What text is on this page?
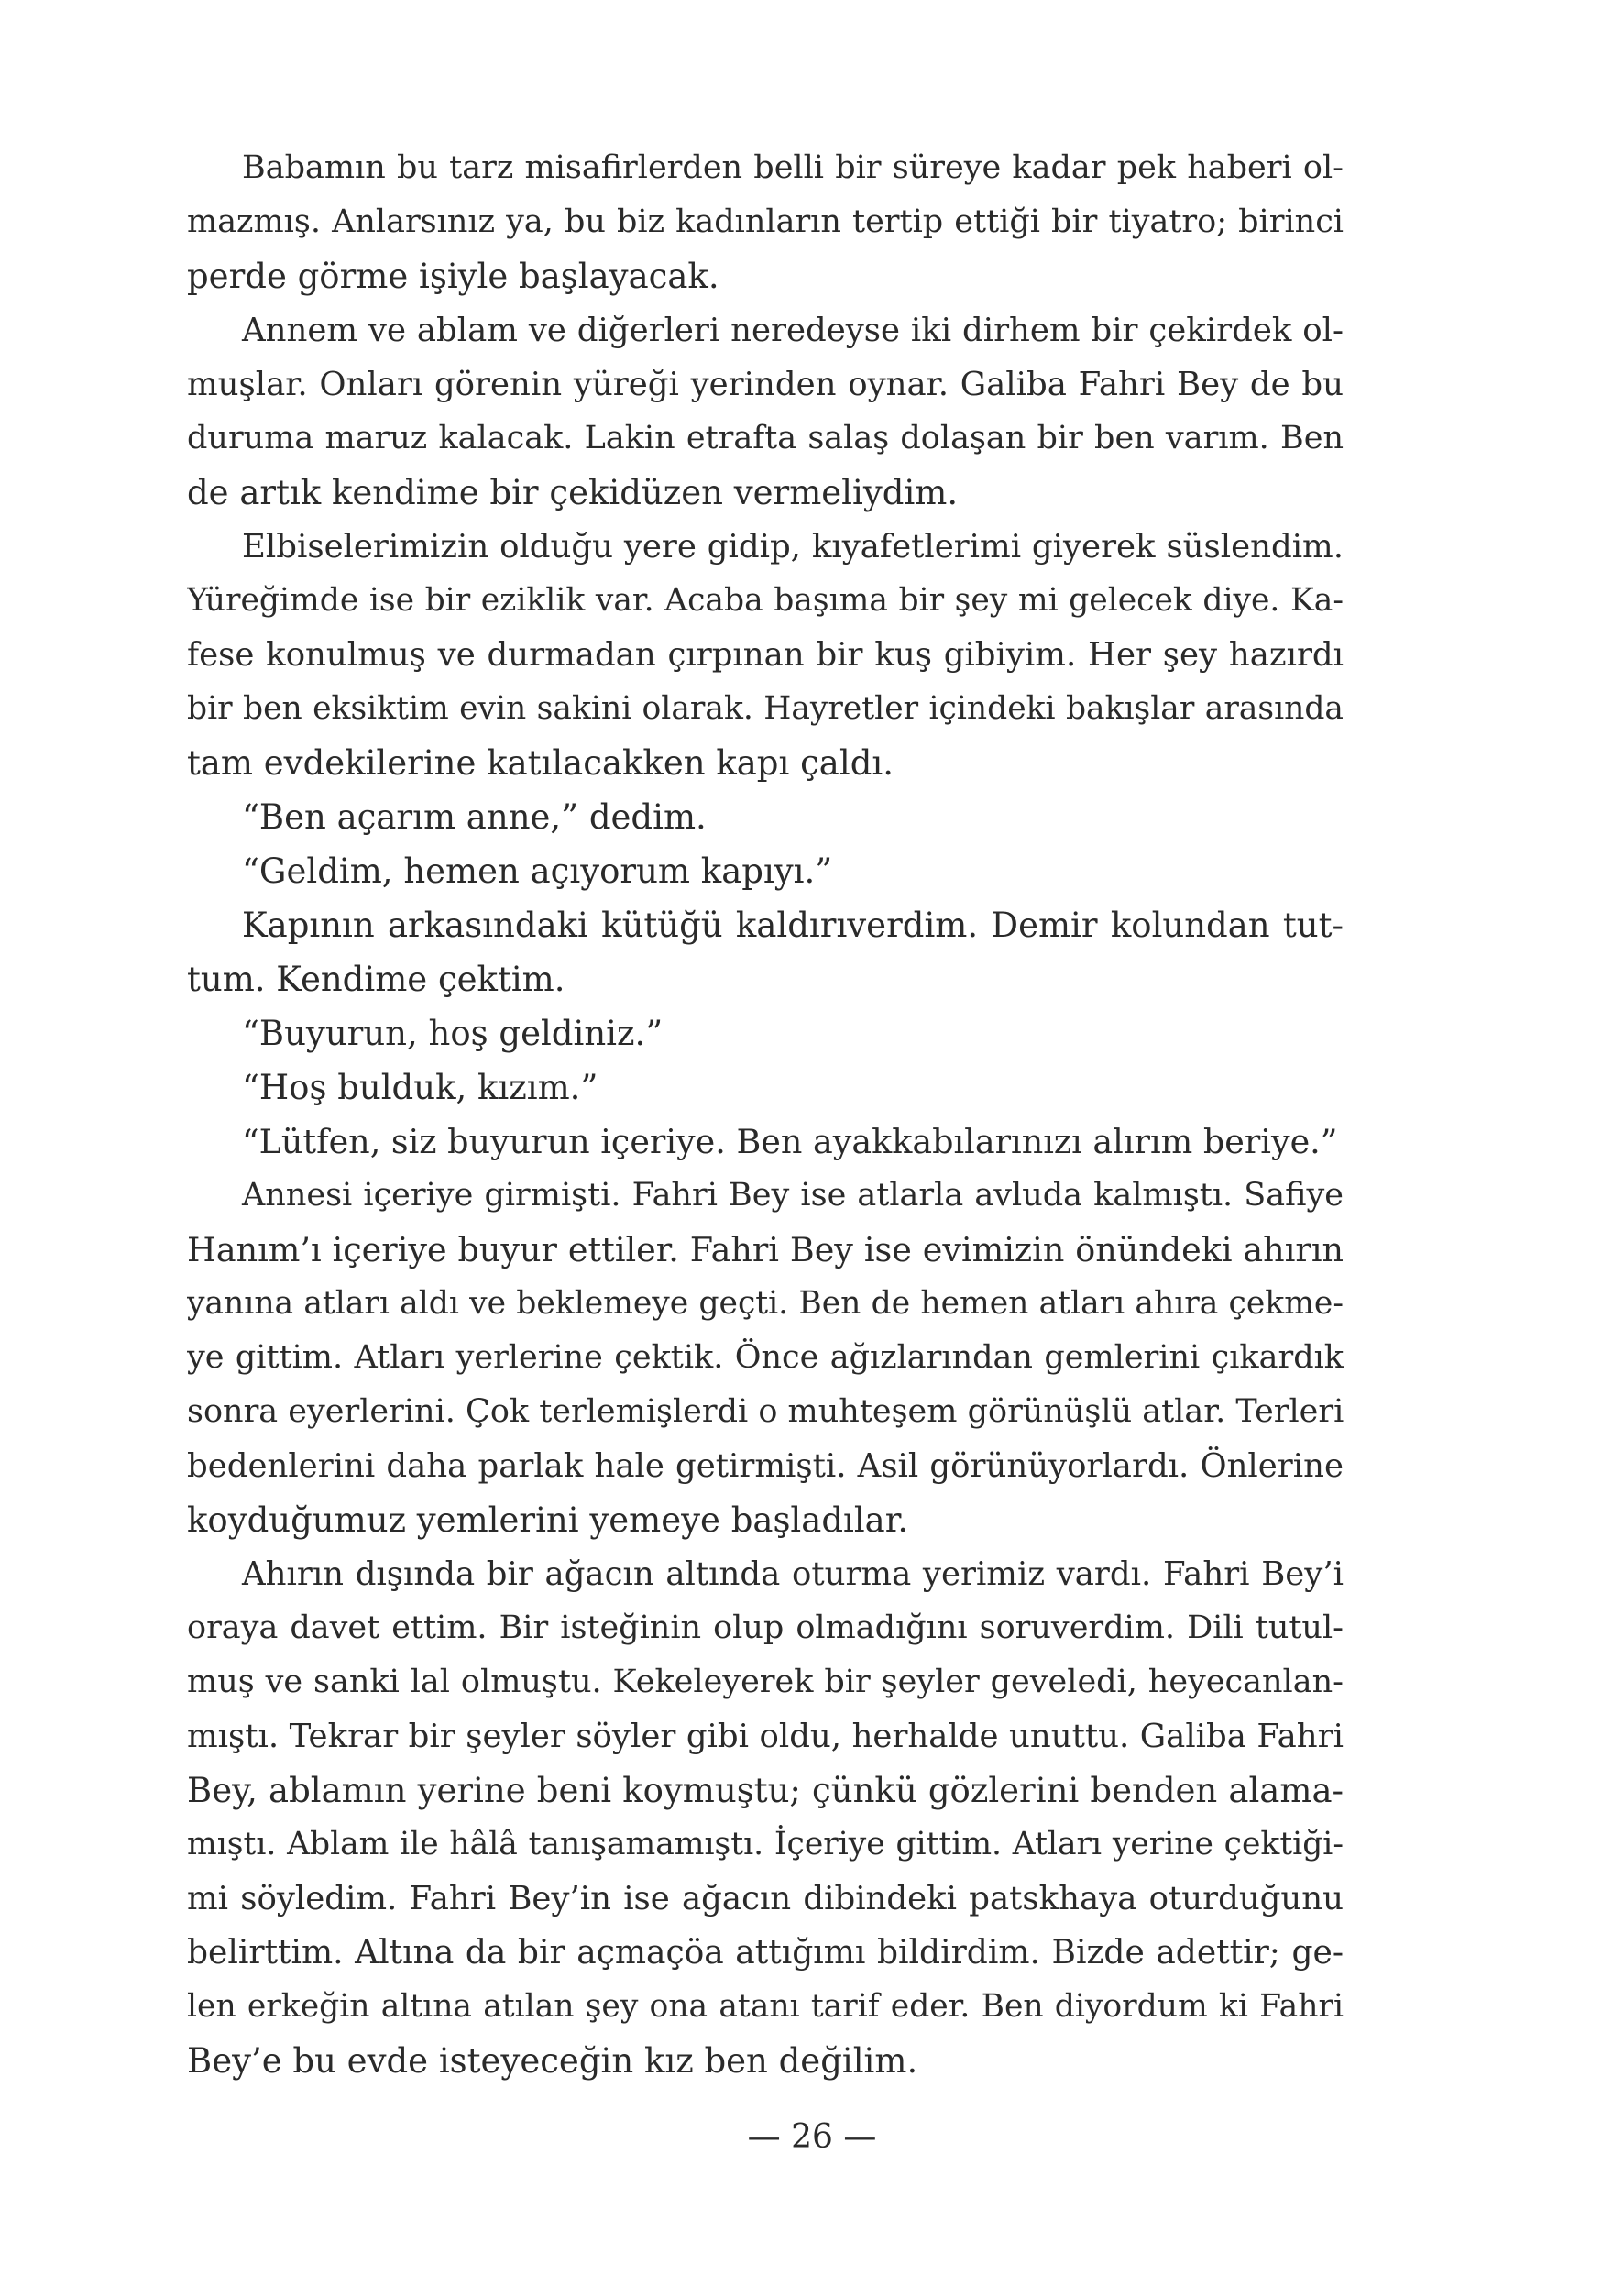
Babamın bu tarz misafirlerden belli bir süreye kadar pek haberi ol-
mazmış. Anlarsınız ya, bu biz kadınların tertip ettiği bir tiyatro; birinci
perde görme işiyle başlayacak.
Annem ve ablam ve diğerleri neredeyse iki dirhem bir çekirdek ol-
muşlar. Onları görenin yüreği yerinden oynar. Galiba Fahri Bey de bu
duruma maruz kalacak. Lakin etrafta salaş dolaşan bir ben varım. Ben
de artık kendime bir çekidüzen vermeliydim.
Elbiselerimizin olduğu yere gidip, kıyafetlerimi giyerek süslendim.
Yüreğimde ise bir eziklik var. Acaba başıma bir şey mi gelecek diye. Ka-
fese konulmuş ve durmadan çırpınan bir kuş gibiyim. Her şey hazırdı
bir ben eksiktim evin sakini olarak. Hayretler içindeki bakışlar arasında
tam evdekilerine katılacakken kapı çaldı.
“Ben açarım anne,” dedim.
“Geldim, hemen açıyorum kapıyı.”
Kapının arkasındaki kütüğü kaldırıverdim. Demir kolundan tut-
tum. Kendime çektim.
“Buyurun, hoş geldiniz.”
“Hoş bulduk, kızım.”
“Lütfen, siz buyurun içeriye. Ben ayakkabılarınızı alırım beriye.”
Annesi içeriye girmişti. Fahri Bey ise atlarla avluda kalmıştı. Safiye
Hanım’ı içeriye buyur ettiler. Fahri Bey ise evimizin önündeki ahırın
yanına atları aldı ve beklemeye geçti. Ben de hemen atları ahıra çekme-
ye gittim. Atları yerlerine çektik. Önce ağızlarından gemlerini çıkardık
sonra eyerlerini. Çok terlemişlerdi o muhteşem görünüşlü atlar. Terleri
bedenlerini daha parlak hale getirmişti. Asil görünüyorlardı. Önlerine
koyduğumuz yemlerini yemeye başladılar.
Ahırın dışında bir ağacın altında oturma yerimiz vardı. Fahri Bey’i
oraya davet ettim. Bir isteğinin olup olmadığını soruverdim. Dili tutul-
muş ve sanki lal olmuştu. Kekeleyerek bir şeyler geveledi, heyecanlan-
mıştı. Tekrar bir şeyler söyler gibi oldu, herhalde unuttu. Galiba Fahri
Bey, ablamın yerine beni koymuştu; çünkü gözlerini benden alama-
mıştı. Ablam ile hâlâ tanışamamıştı. İçeriye gittim. Atları yerine çektiği-
mi söyledim. Fahri Bey’in ise ağacın dibindeki patskhaya oturduğunu
belirttim. Altına da bir açmaçöa attığımı bildirdim. Bizde adettir; ge-
len erkeğin altına atılan şey ona atanı tarif eder. Ben diyordum ki Fahri
Bey’e bu evde isteyeceğin kız ben değilim.
— 26 —
